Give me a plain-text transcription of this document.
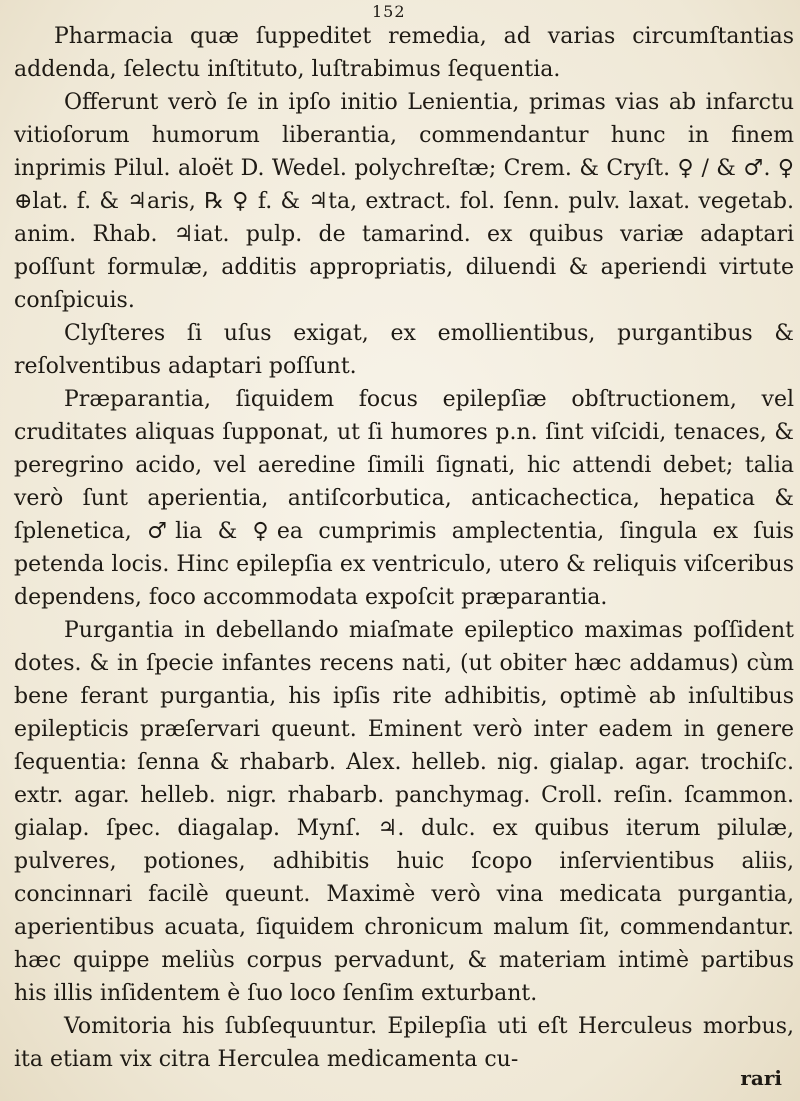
152

Pharmacia quæ ſuppeditet remedia, ad varias circumſtantias addenda, ſelectu inſtituto, luſtrabimus ſequentia.

Offerunt verò ſe in ipſo initio Lenientia, primas vias ab infarctu vitioſorum humorum liberantia, commendantur hunc in finem inprimis Pilul. aloët D. Wedel. polychreſtæ; Crem. & Cryſt. ♀ / & ♂. ♀ ⊕lat. f. & ♃aris, ℞ ♀ f. & ♃ta, extract. fol. ſenn. pulv. laxat. vegetab. anim. Rhab. ♃iat. pulp. de tamarind. ex quibus variæ adaptari poſſunt formulæ, additis appropriatis, diluendi & aperiendi virtute conſpicuis.

Clyſteres ſi uſus exigat, ex emollientibus, purgantibus & reſolventibus adaptari poſſunt.

Præparantia, ſiquidem focus epilepſiæ obſtructionem, vel cruditates aliquas ſupponat, ut ſi humores p.n. ſint viſcidi, tenaces, & peregrino acido, vel aeredine ſimili ſignati, hic attendi debet; talia verò ſunt aperientia, antiſcorbutica, anticachectica, hepatica & ſplenetica, ♂lia & ♀ea cumprimis amplectentia, ſingula ex ſuis petenda locis. Hinc epilepſia ex ventriculo, utero & reliquis viſceribus dependens, foco accommodata expoſcit præparantia.

Purgantia in debellando miaſmate epileptico maximas poſſident dotes. & in ſpecie infantes recens nati, (ut obiter hæc addamus) cùm bene ferant purgantia, his ipſis rite adhibitis, optimè ab inſultibus epilepticis præſervari queunt. Eminent verò inter eadem in genere ſequentia: ſenna & rhabarb. Alex. helleb. nig. gialap. agar. trochiſc. extr. agar. helleb. nigr. rhabarb. panchymag. Croll. reſin. ſcammon. gialap. ſpec. diagalap. Mynſ. ♃. dulc. ex quibus iterum pilulæ, pulveres, potiones, adhibitis huic ſcopo inſervientibus aliis, concinnari facilè queunt. Maximè verò vina medicata purgantia, aperientibus acuata, ſiquidem chronicum malum ſit, commendantur. hæc quippe meliùs corpus pervadunt, & materiam intimè partibus his illis inſidentem è ſuo loco ſenſim exturbant.

Vomitoria his ſubſequuntur. Epilepſia uti eſt Herculeus morbus, ita etiam vix citra Herculea medicamenta cu-

rari
